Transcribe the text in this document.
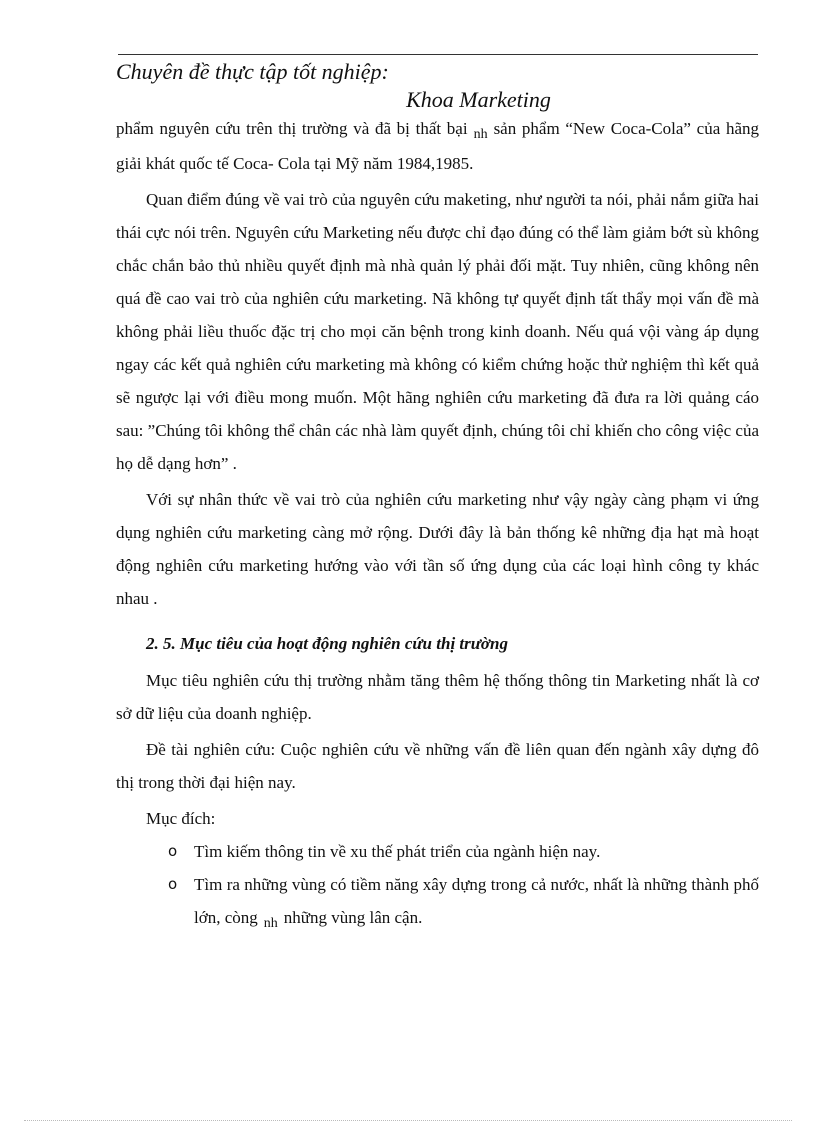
Chuyên đề thực tập tốt nghiệp:
Khoa Marketing

phẩm nguyên cứu trên thị trường và đã bị thất bại nh sản phẩm “New Coca-Cola” của hãng giải khát quốc tế Coca- Cola tại Mỹ năm 1984,1985.

Quan điểm đúng về vai trò của nguyên cứu maketing, như người ta nói, phải nắm giữa hai thái cực nói trên. Nguyên cứu Marketing nếu được chỉ đạo đúng có thể làm giảm bớt sù không chắc chắn bảo thủ nhiều quyết định mà nhà quản lý phải đối mặt. Tuy nhiên, cũng không nên quá đề cao vai trò của nghiên cứu marketing. Nã không tự quyết định tất thẩy mọi vấn đề mà không phải liều thuốc đặc trị cho mọi căn bệnh trong kinh doanh. Nếu quá vội vàng áp dụng ngay các kết quả nghiên cứu marketing mà không có kiểm chứng hoặc thử nghiệm thì kết quả sẽ ngược lại với điều mong muốn. Một hãng nghiên cứu marketing đã đưa ra lời quảng cáo sau: ”Chúng tôi không thể chân các nhà làm quyết định, chúng tôi chỉ khiến cho công việc của họ dễ dạng hơn” .

Với sự nhân thức về vai trò của nghiên cứu marketing như vậy ngày càng phạm vi ứng dụng nghiên cứu marketing càng mở rộng. Dưới đây là bản thống kê những địa hạt mà hoạt động nghiên cứu marketing hướng vào với tần số ứng dụng của các loại hình công ty khác nhau .

2. 5. Mục tiêu của hoạt động nghiên cứu thị trường

Mục tiêu nghiên cứu thị trường nhằm tăng thêm hệ thống thông tin Marketing nhất là cơ sở dữ liệu của doanh nghiệp.

Đề tài nghiên cứu: Cuộc nghiên cứu về những vấn đề liên quan đến ngành xây dựng đô thị trong thời đại hiện nay.

Mục đích:

o Tìm kiếm thông tin về xu thế phát triển của ngành hiện nay.
o Tìm ra những vùng có tiềm năng xây dựng trong cả nước, nhất là những thành phố lớn, còng nh những vùng lân cận.
